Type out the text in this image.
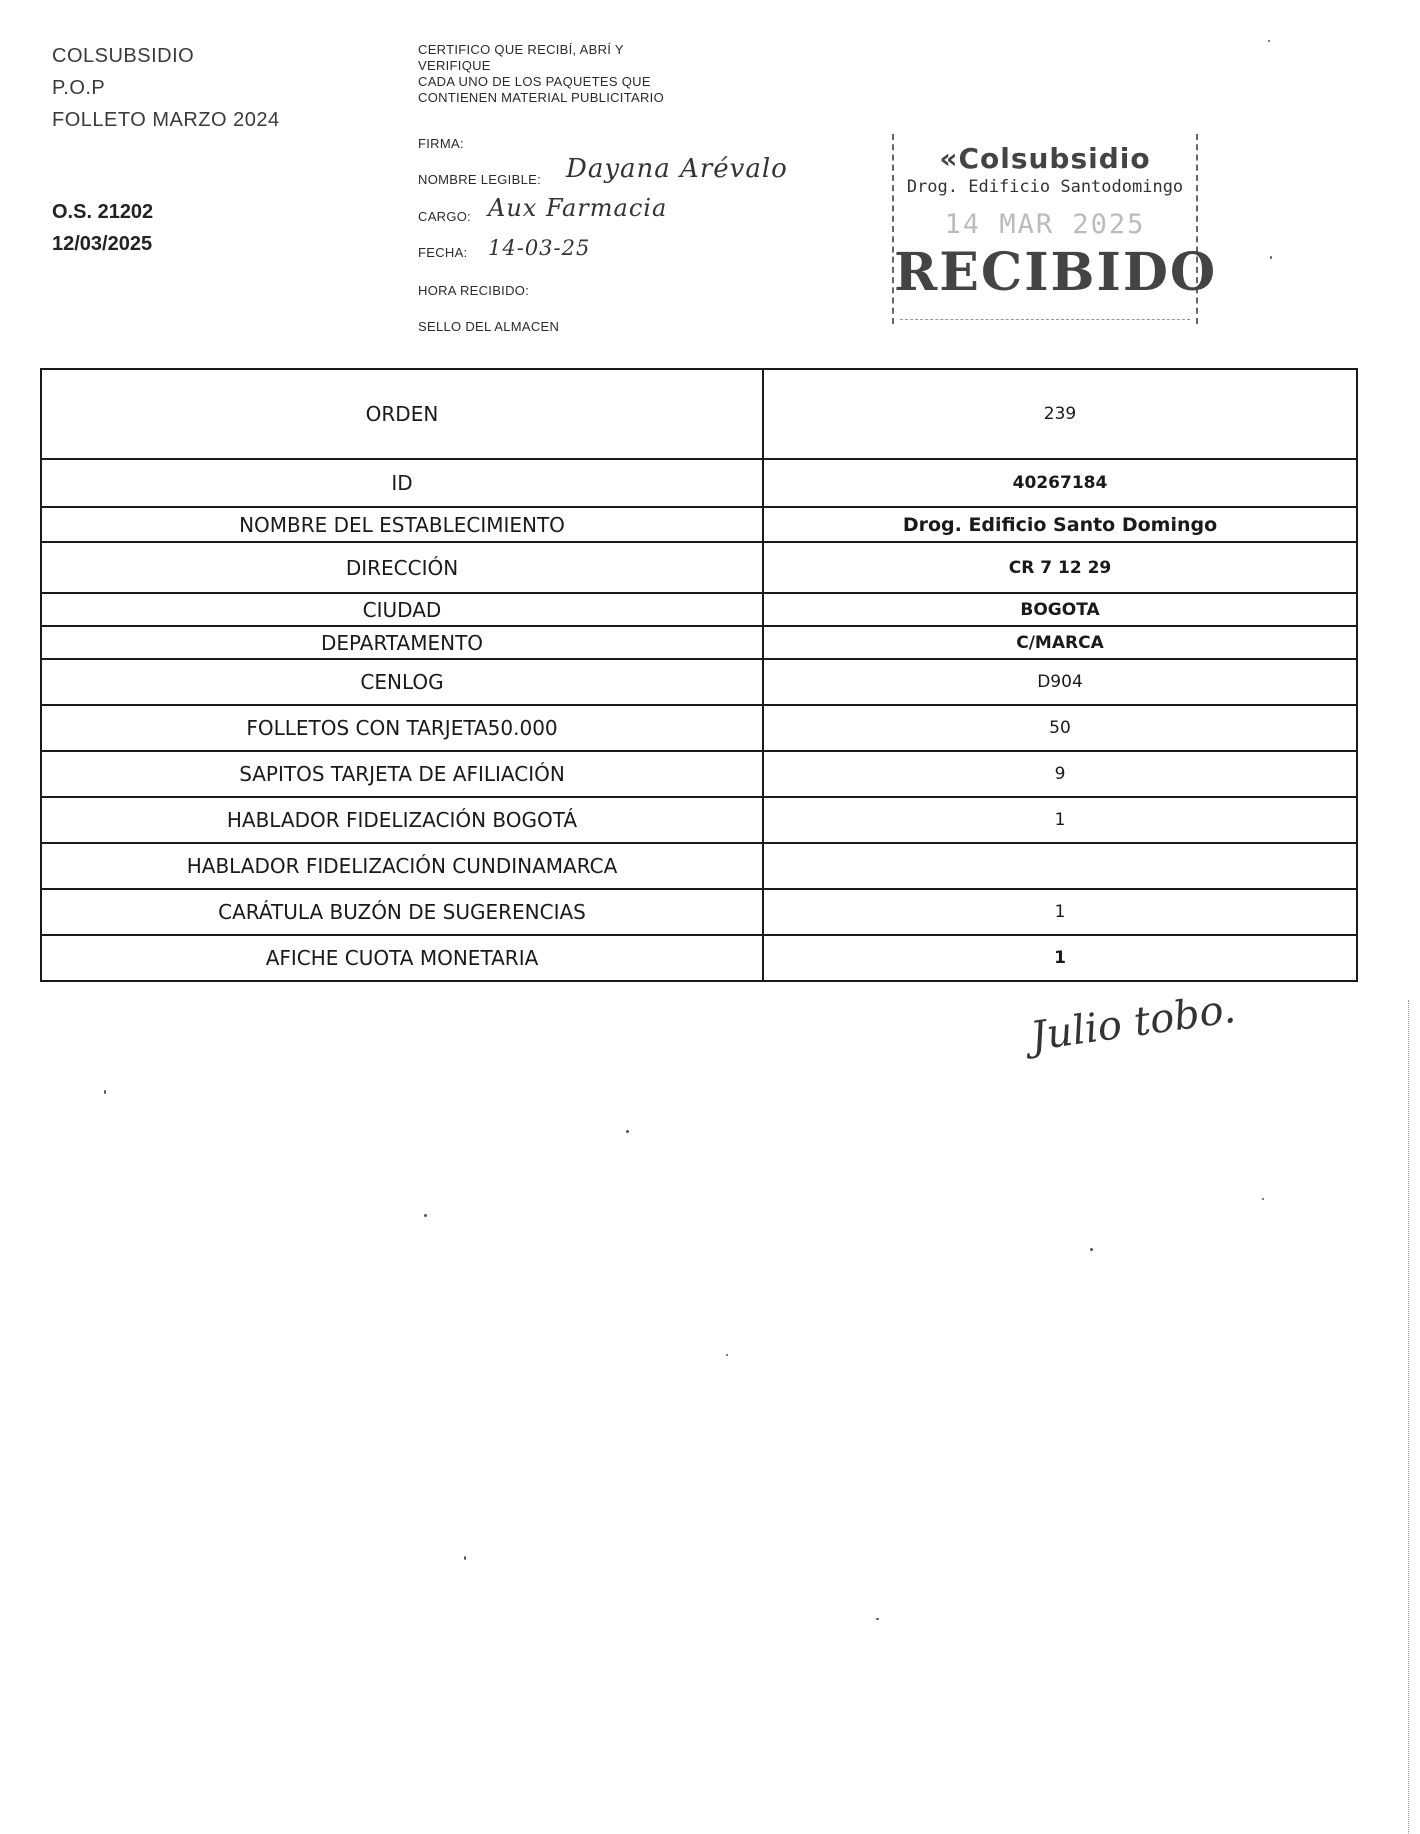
COLSUBSIDIO
P.O.P
FOLLETO MARZO 2024
O.S. 21202
12/03/2025
CERTIFICO QUE RECIBÍ, ABRÍ Y
VERIFIQUE
CADA UNO DE LOS PAQUETES QUE
CONTIENEN MATERIAL PUBLICITARIO
FIRMA:
NOMBRE LEGIBLE: Dayana Arévalo
CARGO: Aux Farmacia
FECHA: 14-03-25
HORA RECIBIDO:
SELLO DEL ALMACEN
«Colsubsidio
Drog. Edificio Santodomingo
14 MAR 2025
RECIBIDO
ORDEN	239
ID	40267184
NOMBRE DEL ESTABLECIMIENTO	Drog. Edificio Santo Domingo
DIRECCIÓN	CR 7 12 29
CIUDAD	BOGOTA
DEPARTAMENTO	C/MARCA
CENLOG	D904
FOLLETOS CON TARJETA50.000	50
SAPITOS TARJETA DE AFILIACIÓN	9
HABLADOR FIDELIZACIÓN BOGOTÁ	1
HABLADOR FIDELIZACIÓN CUNDINAMARCA	
CARÁTULA BUZÓN DE SUGERENCIAS	1
AFICHE CUOTA MONETARIA	1
Julio tobo.
